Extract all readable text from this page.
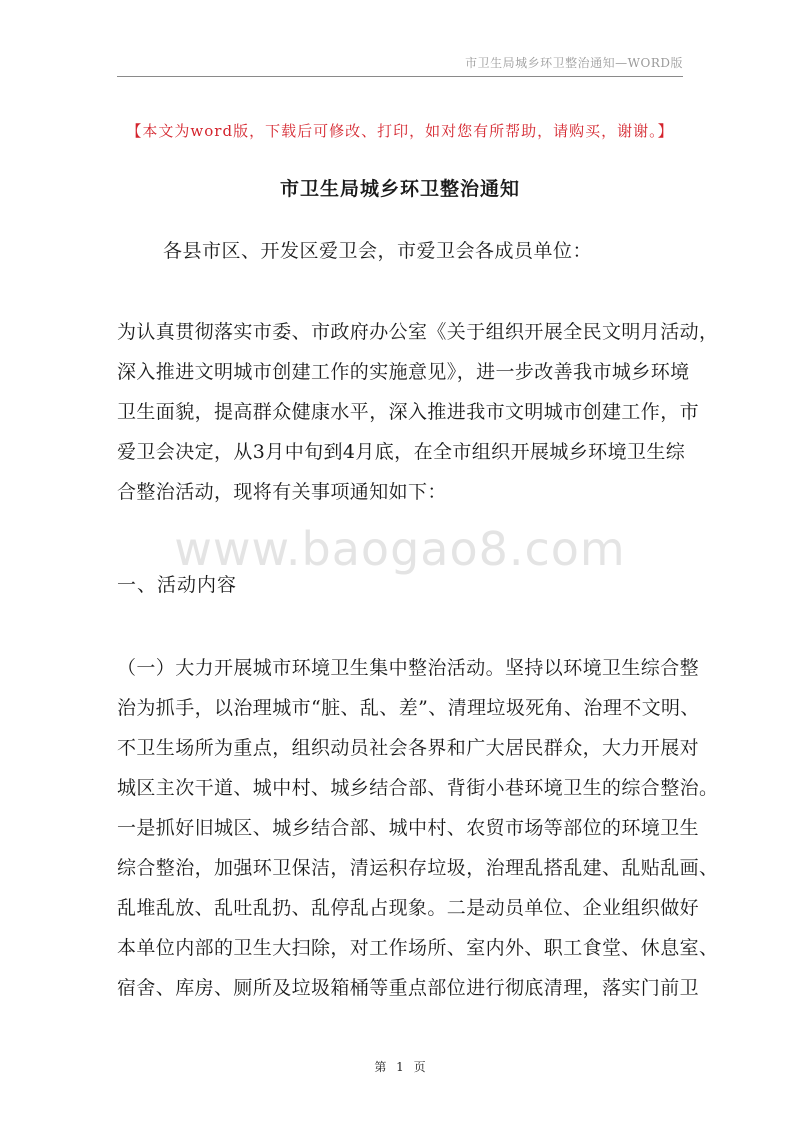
市卫生局城乡环卫整治通知—WORD版
【本文为word版，下载后可修改、打印，如对您有所帮助，请购买，谢谢。】
市卫生局城乡环卫整治通知
各县市区、开发区爱卫会，市爱卫会各成员单位：
为认真贯彻落实市委、市政府办公室《关于组织开展全民文明月活动，
深入推进文明城市创建工作的实施意见》，进一步改善我市城乡环境
卫生面貌，提高群众健康水平，深入推进我市文明城市创建工作，市
爱卫会决定，从3月中旬到4月底，在全市组织开展城乡环境卫生综
合整治活动，现将有关事项通知如下：
www.baogao8.com
一、活动内容
（一）大力开展城市环境卫生集中整治活动。坚持以环境卫生综合整
治为抓手，以治理城市“脏、乱、差”、清理垃圾死角、治理不文明、
不卫生场所为重点，组织动员社会各界和广大居民群众，大力开展对
城区主次干道、城中村、城乡结合部、背街小巷环境卫生的综合整治。
一是抓好旧城区、城乡结合部、城中村、农贸市场等部位的环境卫生
综合整治，加强环卫保洁，清运积存垃圾，治理乱搭乱建、乱贴乱画、
乱堆乱放、乱吐乱扔、乱停乱占现象。二是动员单位、企业组织做好
本单位内部的卫生大扫除，对工作场所、室内外、职工食堂、休息室、
宿舍、库房、厕所及垃圾箱桶等重点部位进行彻底清理，落实门前卫
第 1 页
